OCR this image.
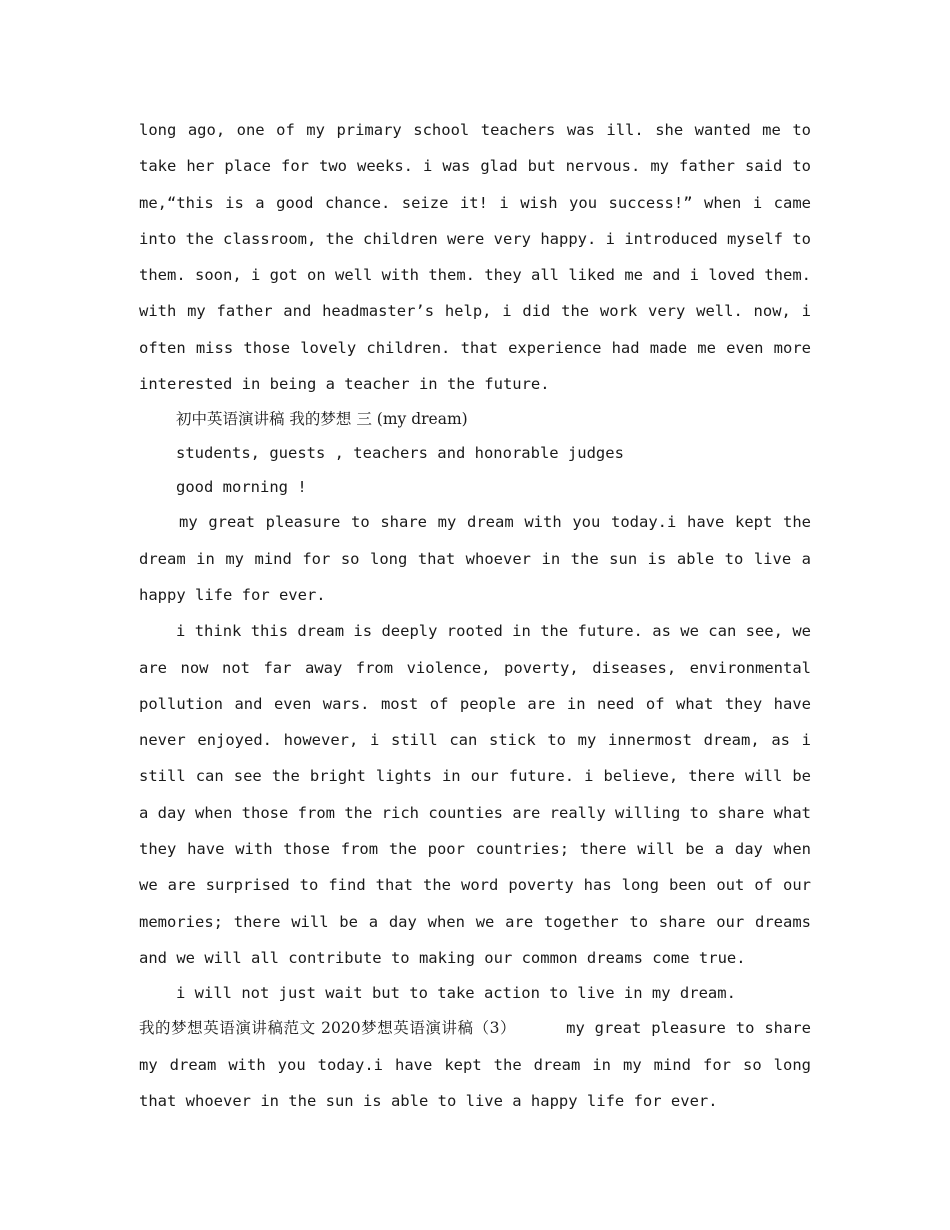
long ago, one of my primary school teachers was ill. she wanted me to take her place for two weeks. i was glad but nervous. my father said to me,“this is a good chance. seize it! i wish you success!” when i came into the classroom, the children were very happy. i introduced myself to them. soon, i got on well with them. they all liked me and i loved them. with my father and headmaster’s help, i did the work very well. now, i often miss those lovely children. that experience had made me even more interested in being a teacher in the future.

初中英语演讲稿 我的梦想 三 (my dream)

students, guests , teachers and honorable judges

good morning !

my great pleasure to share my dream with you today.i have kept the dream in my mind for so long that whoever in the sun is able to live a happy life for ever.

i think this dream is deeply rooted in the future. as we can see, we are now not far away from violence, poverty, diseases, environmental pollution and even wars. most of people are in need of what they have never enjoyed. however, i still can stick to my innermost dream, as i still can see the bright lights in our future. i believe, there will be a day when those from the rich counties are really willing to share what they have with those from the poor countries; there will be a day when we are surprised to find that the word poverty has long been out of our memories; there will be a day when we are together to share our dreams and we will all contribute to making our common dreams come true.

i will not just wait but to take action to live in my dream.

我的梦想英语演讲稿范文 2020梦想英语演讲稿（3）	my great pleasure to share my dream with you today.i have kept the dream in my mind for so long that whoever in the sun is able to live a happy life for ever.
